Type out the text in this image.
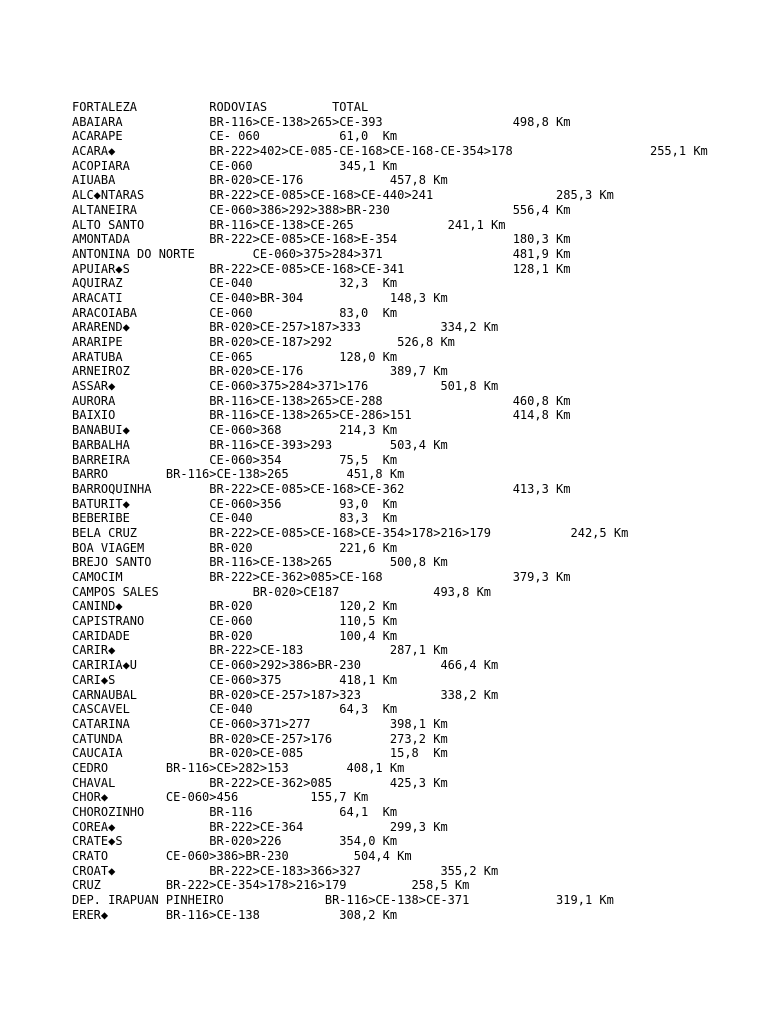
FORTALEZA          RODOVIAS         TOTAL
ABAIARA            BR-116>CE-138>265>CE-393                  498,8 Km
ACARAPE            CE- 060           61,0  Km
ACARA◆             BR-222>402>CE-085-CE-168>CE-168-CE-354>178                   255,1 Km
ACOPIARA           CE-060            345,1 Km
AIUABA             BR-020>CE-176            457,8 Km
ALC◆NTARAS         BR-222>CE-085>CE-168>CE-440>241                 285,3 Km
ALTANEIRA          CE-060>386>292>388>BR-230                 556,4 Km
ALTO SANTO         BR-116>CE-138>CE-265             241,1 Km
AMONTADA           BR-222>CE-085>CE-168>E-354                180,3 Km
ANTONINA DO NORTE        CE-060>375>284>371                  481,9 Km
APUIAR◆S           BR-222>CE-085>CE-168>CE-341               128,1 Km
AQUIRAZ            CE-040            32,3  Km
ARACATI            CE-040>BR-304            148,3 Km
ARACOIABA          CE-060            83,0  Km
ARAREND◆           BR-020>CE-257>187>333           334,2 Km
ARARIPE            BR-020>CE-187>292         526,8 Km
ARATUBA            CE-065            128,0 Km
ARNEIROZ           BR-020>CE-176            389,7 Km
ASSAR◆             CE-060>375>284>371>176          501,8 Km
AURORA             BR-116>CE-138>265>CE-288                  460,8 Km
BAIXIO             BR-116>CE-138>265>CE-286>151              414,8 Km
BANABUI◆           CE-060>368        214,3 Km
BARBALHA           BR-116>CE-393>293        503,4 Km
BARREIRA           CE-060>354        75,5  Km
BARRO        BR-116>CE-138>265        451,8 Km
BARROQUINHA        BR-222>CE-085>CE-168>CE-362               413,3 Km
BATURIT◆           CE-060>356        93,0  Km
BEBERIBE           CE-040            83,3  Km
BELA CRUZ          BR-222>CE-085>CE-168>CE-354>178>216>179           242,5 Km
BOA VIAGEM         BR-020            221,6 Km
BREJO SANTO        BR-116>CE-138>265        500,8 Km
CAMOCIM            BR-222>CE-362>085>CE-168                  379,3 Km
CAMPOS SALES             BR-020>CE187             493,8 Km
CANIND◆            BR-020            120,2 Km
CAPISTRANO         CE-060            110,5 Km
CARIDADE           BR-020            100,4 Km
CARIR◆             BR-222>CE-183            287,1 Km
CARIRIA◆U          CE-060>292>386>BR-230           466,4 Km
CARI◆S             CE-060>375        418,1 Km
CARNAUBAL          BR-020>CE-257>187>323           338,2 Km
CASCAVEL           CE-040            64,3  Km
CATARINA           CE-060>371>277           398,1 Km
CATUNDA            BR-020>CE-257>176        273,2 Km
CAUCAIA            BR-020>CE-085            15,8  Km
CEDRO        BR-116>CE>282>153        408,1 Km
CHAVAL             BR-222>CE-362>085        425,3 Km
CHOR◆        CE-060>456          155,7 Km
CHOROZINHO         BR-116            64,1  Km
COREA◆             BR-222>CE-364            299,3 Km
CRATE◆S            BR-020>226        354,0 Km
CRATO        CE-060>386>BR-230         504,4 Km
CROAT◆             BR-222>CE-183>366>327           355,2 Km
CRUZ         BR-222>CE-354>178>216>179         258,5 Km
DEP. IRAPUAN PINHEIRO              BR-116>CE-138>CE-371            319,1 Km
ERER◆        BR-116>CE-138           308,2 Km
